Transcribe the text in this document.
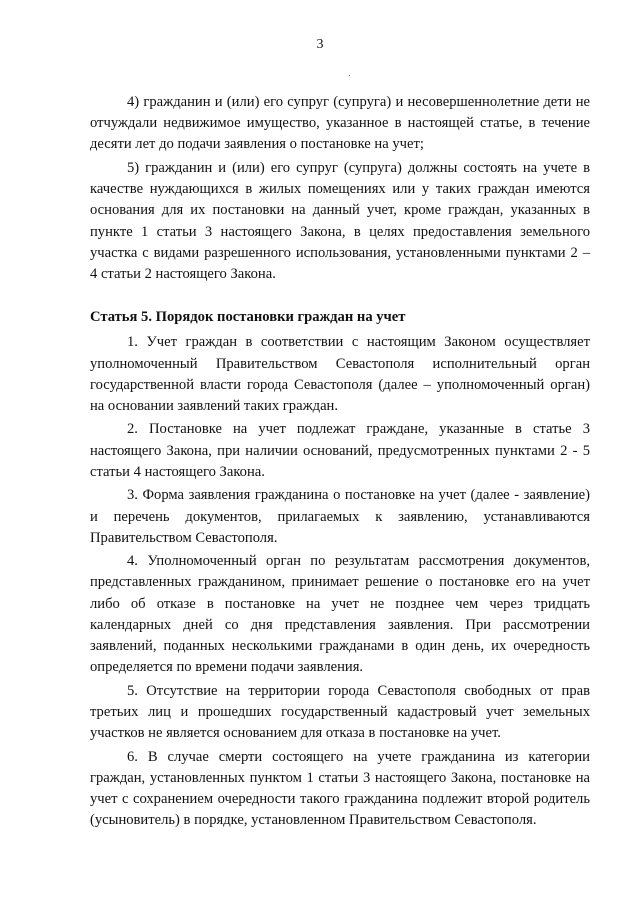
3

4) гражданин и (или) его супруг (супруга) и несовершеннолетние дети не отчуждали недвижимое имущество, указанное в настоящей статье, в течение десяти лет до подачи заявления о постановке на учет;

5) гражданин и (или) его супруг (супруга) должны состоять на учете в качестве нуждающихся в жилых помещениях или у таких граждан имеются основания для их постановки на данный учет, кроме граждан, указанных в пункте 1 статьи 3 настоящего Закона, в целях предоставления земельного участка с видами разрешенного использования, установленными пунктами 2 – 4 статьи 2 настоящего Закона.

Статья 5. Порядок постановки граждан на учет

1. Учет граждан в соответствии с настоящим Законом осуществляет уполномоченный Правительством Севастополя исполнительный орган государственной власти города Севастополя (далее – уполномоченный орган) на основании заявлений таких граждан.

2. Постановке на учет подлежат граждане, указанные в статье 3 настоящего Закона, при наличии оснований, предусмотренных пунктами 2 - 5 статьи 4 настоящего Закона.

3. Форма заявления гражданина о постановке на учет (далее - заявление) и перечень документов, прилагаемых к заявлению, устанавливаются Правительством Севастополя.

4. Уполномоченный орган по результатам рассмотрения документов, представленных гражданином, принимает решение о постановке его на учет либо об отказе в постановке на учет не позднее чем через тридцать календарных дней со дня представления заявления. При рассмотрении заявлений, поданных несколькими гражданами в один день, их очередность определяется по времени подачи заявления.

5. Отсутствие на территории города Севастополя свободных от прав третьих лиц и прошедших государственный кадастровый учет земельных участков не является основанием для отказа в постановке на учет.

6. В случае смерти состоящего на учете гражданина из категории граждан, установленных пунктом 1 статьи 3 настоящего Закона, постановке на учет с сохранением очередности такого гражданина подлежит второй родитель (усыновитель) в порядке, установленном Правительством Севастополя.
